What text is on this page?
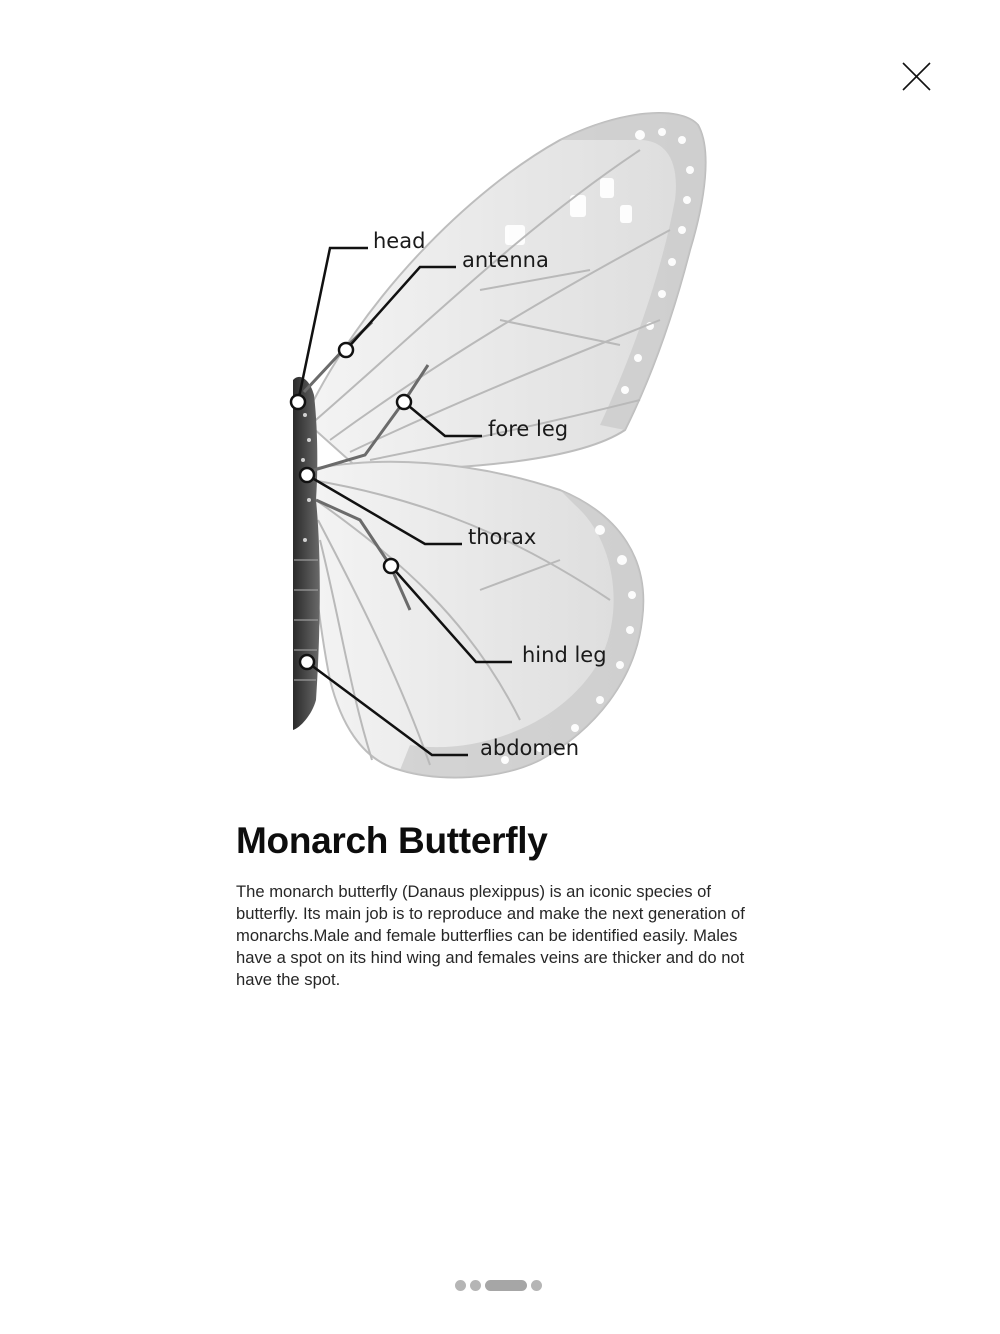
head
antenna
fore leg
thorax
hind leg
abdomen
Monarch Butterfly

The monarch butterfly (Danaus plexippus) is an iconic species of butterfly. Its main job is to reproduce and make the next generation of monarchs.Male and female butterflies can be identified easily. Males have a spot on its hind wing and females veins are thicker and do not have the spot.
